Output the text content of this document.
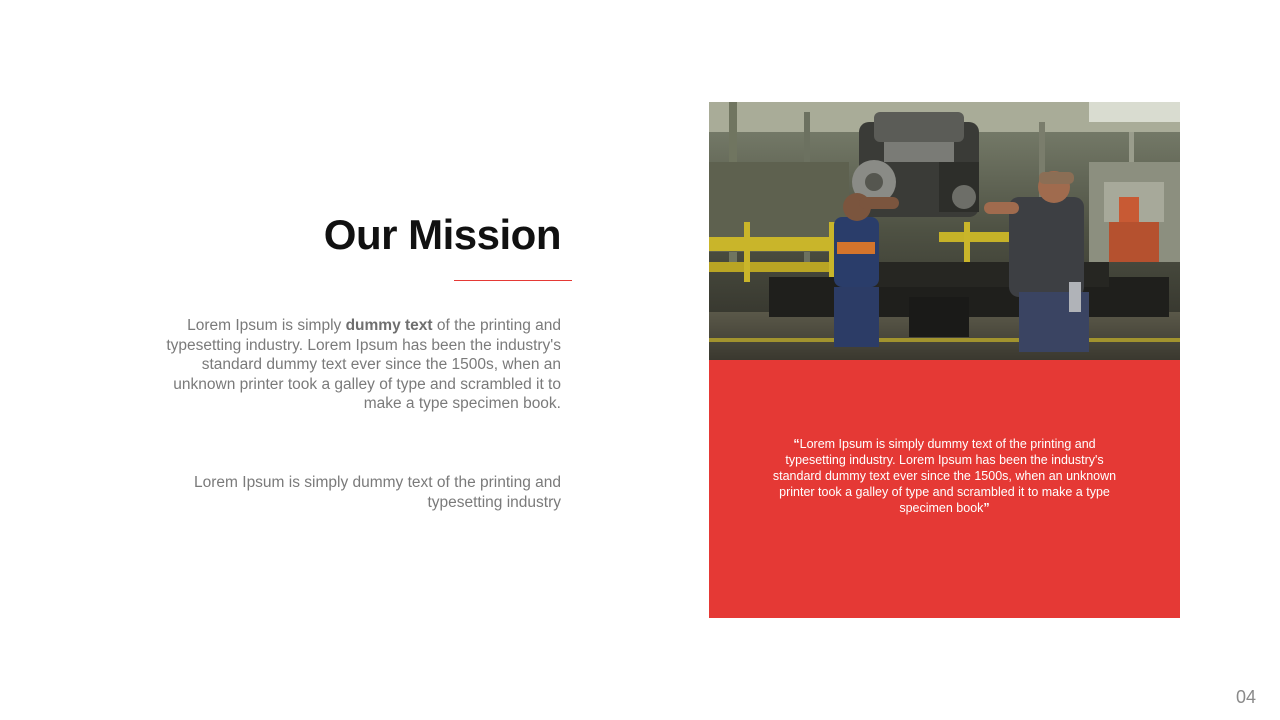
Our Mission

Lorem Ipsum is simply dummy text of the printing and typesetting industry. Lorem Ipsum has been the industry's standard dummy text ever since the 1500s, when an unknown printer took a galley of type and scrambled it to make a type specimen book.

Lorem Ipsum is simply dummy text of the printing and typesetting industry

“Lorem Ipsum is simply dummy text of the printing and typesetting industry. Lorem Ipsum has been the industry's standard dummy text ever since the 1500s, when an unknown printer took a galley of type and scrambled it to make a type specimen book”

04
